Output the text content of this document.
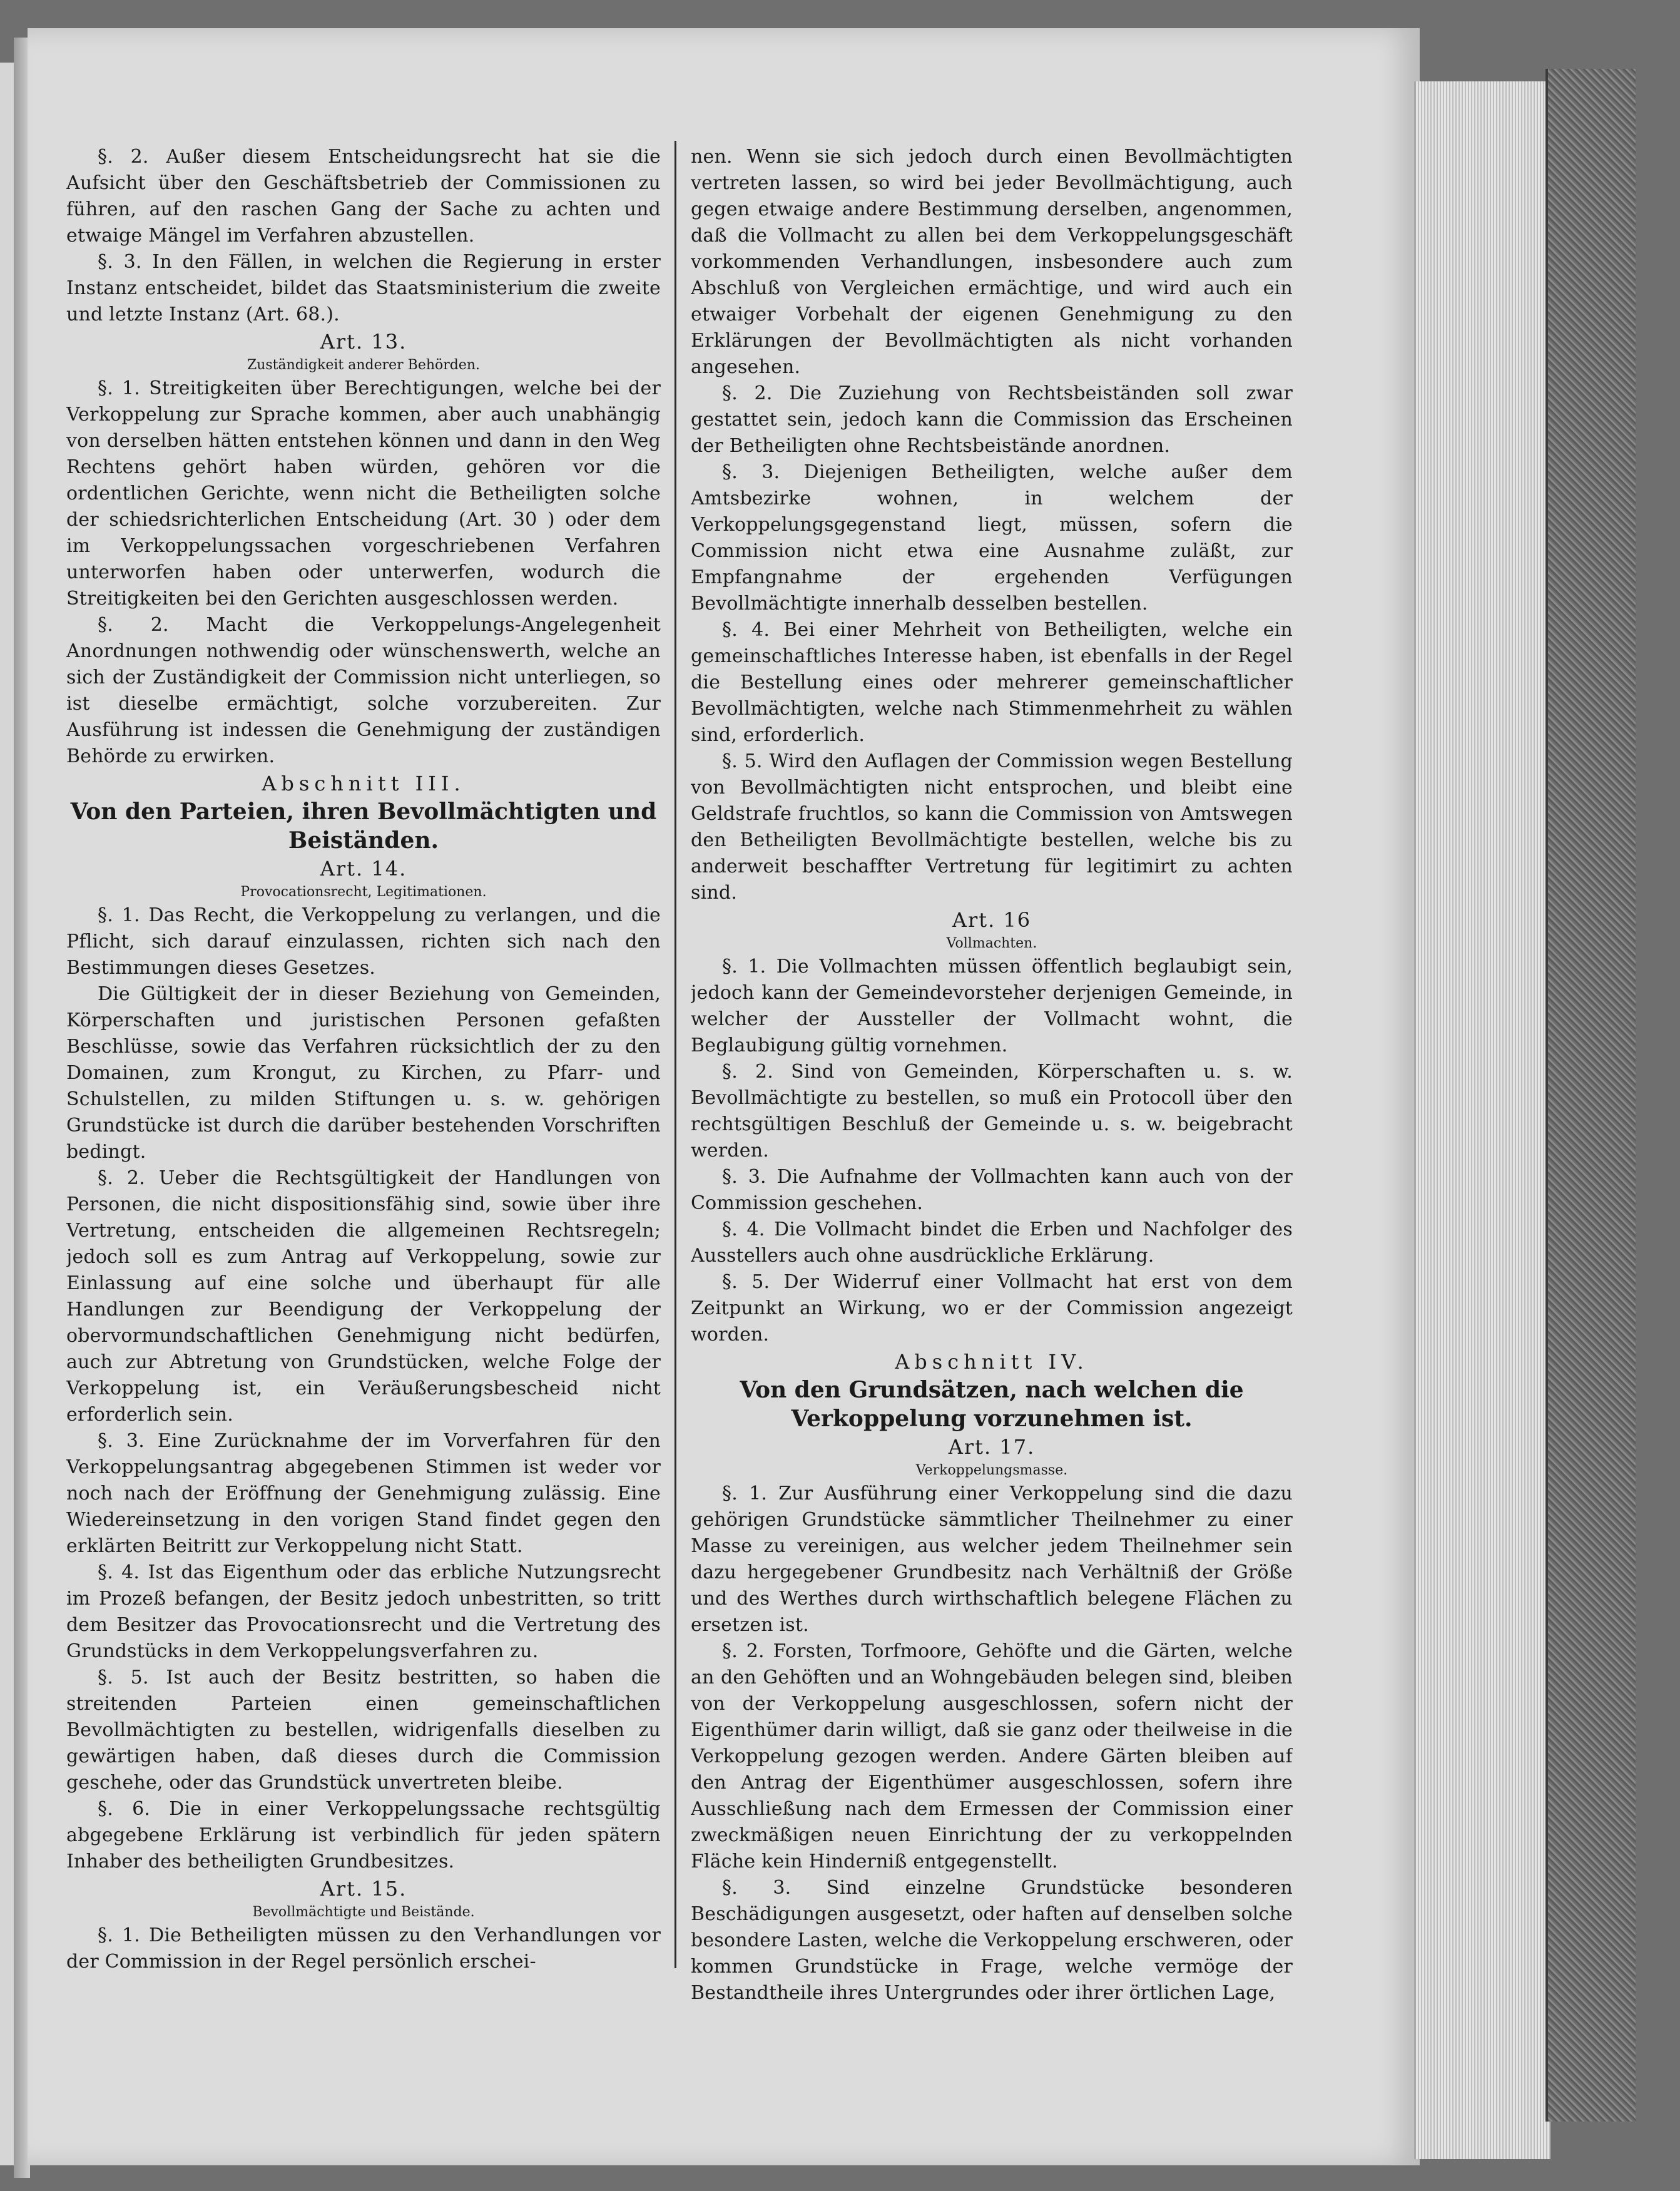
§. 2. Außer diesem Entscheidungsrecht hat sie die Aufsicht über den Geschäftsbetrieb der Commissionen zu führen, auf den raschen Gang der Sache zu achten und etwaige Mängel im Verfahren abzustellen.

§. 3. In den Fällen, in welchen die Regierung in erster Instanz entscheidet, bildet das Staatsministerium die zweite und letzte Instanz (Art. 68.).

Art. 13.

Zuständigkeit anderer Behörden.

§. 1. Streitigkeiten über Berechtigungen, welche bei der Verkoppelung zur Sprache kommen, aber auch unabhängig von derselben hätten entstehen können und dann in den Weg Rechtens gehört haben würden, gehören vor die ordentlichen Gerichte, wenn nicht die Betheiligten solche der schiedsrichterlichen Entscheidung (Art. 30 ) oder dem im Verkoppelungssachen vorgeschriebenen Verfahren unterworfen haben oder unterwerfen, wodurch die Streitigkeiten bei den Gerichten ausgeschlossen werden.

§. 2. Macht die Verkoppelungs-Angelegenheit Anordnungen nothwendig oder wünschenswerth, welche an sich der Zuständigkeit der Commission nicht unterliegen, so ist dieselbe ermächtigt, solche vorzubereiten. Zur Ausführung ist indessen die Genehmigung der zuständigen Behörde zu erwirken.

Abschnitt III.

Von den Parteien, ihren Bevollmächtigten und Beiständen.

Art. 14.

Provocationsrecht, Legitimationen.

§. 1. Das Recht, die Verkoppelung zu verlangen, und die Pflicht, sich darauf einzulassen, richten sich nach den Bestimmungen dieses Gesetzes.

Die Gültigkeit der in dieser Beziehung von Gemeinden, Körperschaften und juristischen Personen gefaßten Beschlüsse, sowie das Verfahren rücksichtlich der zu den Domainen, zum Krongut, zu Kirchen, zu Pfarr- und Schulstellen, zu milden Stiftungen u. s. w. gehörigen Grundstücke ist durch die darüber bestehenden Vorschriften bedingt.

§. 2. Ueber die Rechtsgültigkeit der Handlungen von Personen, die nicht dispositionsfähig sind, sowie über ihre Vertretung, entscheiden die allgemeinen Rechtsregeln; jedoch soll es zum Antrag auf Verkoppelung, sowie zur Einlassung auf eine solche und überhaupt für alle Handlungen zur Beendigung der Verkoppelung der obervormundschaftlichen Genehmigung nicht bedürfen, auch zur Abtretung von Grundstücken, welche Folge der Verkoppelung ist, ein Veräußerungsbescheid nicht erforderlich sein.

§. 3. Eine Zurücknahme der im Vorverfahren für den Verkoppelungsantrag abgegebenen Stimmen ist weder vor noch nach der Eröffnung der Genehmigung zulässig. Eine Wiedereinsetzung in den vorigen Stand findet gegen den erklärten Beitritt zur Verkoppelung nicht Statt.

§. 4. Ist das Eigenthum oder das erbliche Nutzungsrecht im Prozeß befangen, der Besitz jedoch unbestritten, so tritt dem Besitzer das Provocationsrecht und die Vertretung des Grundstücks in dem Verkoppelungsverfahren zu.

§. 5. Ist auch der Besitz bestritten, so haben die streitenden Parteien einen gemeinschaftlichen Bevollmächtigten zu bestellen, widrigenfalls dieselben zu gewärtigen haben, daß dieses durch die Commission geschehe, oder das Grundstück unvertreten bleibe.

§. 6. Die in einer Verkoppelungssache rechtsgültig abgegebene Erklärung ist verbindlich für jeden spätern Inhaber des betheiligten Grundbesitzes.

Art. 15.

Bevollmächtigte und Beistände.

§. 1. Die Betheiligten müssen zu den Verhandlungen vor der Commission in der Regel persönlich erschei-

nen. Wenn sie sich jedoch durch einen Bevollmächtigten vertreten lassen, so wird bei jeder Bevollmächtigung, auch gegen etwaige andere Bestimmung derselben, angenommen, daß die Vollmacht zu allen bei dem Verkoppelungsgeschäft vorkommenden Verhandlungen, insbesondere auch zum Abschluß von Vergleichen ermächtige, und wird auch ein etwaiger Vorbehalt der eigenen Genehmigung zu den Erklärungen der Bevollmächtigten als nicht vorhanden angesehen.

§. 2. Die Zuziehung von Rechtsbeiständen soll zwar gestattet sein, jedoch kann die Commission das Erscheinen der Betheiligten ohne Rechtsbeistände anordnen.

§. 3. Diejenigen Betheiligten, welche außer dem Amtsbezirke wohnen, in welchem der Verkoppelungsgegenstand liegt, müssen, sofern die Commission nicht etwa eine Ausnahme zuläßt, zur Empfangnahme der ergehenden Verfügungen Bevollmächtigte innerhalb desselben bestellen.

§. 4. Bei einer Mehrheit von Betheiligten, welche ein gemeinschaftliches Interesse haben, ist ebenfalls in der Regel die Bestellung eines oder mehrerer gemeinschaftlicher Bevollmächtigten, welche nach Stimmenmehrheit zu wählen sind, erforderlich.

§. 5. Wird den Auflagen der Commission wegen Bestellung von Bevollmächtigten nicht entsprochen, und bleibt eine Geldstrafe fruchtlos, so kann die Commission von Amtswegen den Betheiligten Bevollmächtigte bestellen, welche bis zu anderweit beschaffter Vertretung für legitimirt zu achten sind.

Art. 16

Vollmachten.

§. 1. Die Vollmachten müssen öffentlich beglaubigt sein, jedoch kann der Gemeindevorsteher derjenigen Gemeinde, in welcher der Aussteller der Vollmacht wohnt, die Beglaubigung gültig vornehmen.

§. 2. Sind von Gemeinden, Körperschaften u. s. w. Bevollmächtigte zu bestellen, so muß ein Protocoll über den rechtsgültigen Beschluß der Gemeinde u. s. w. beigebracht werden.

§. 3. Die Aufnahme der Vollmachten kann auch von der Commission geschehen.

§. 4. Die Vollmacht bindet die Erben und Nachfolger des Ausstellers auch ohne ausdrückliche Erklärung.

§. 5. Der Widerruf einer Vollmacht hat erst von dem Zeitpunkt an Wirkung, wo er der Commission angezeigt worden.

Abschnitt IV.

Von den Grundsätzen, nach welchen die Verkoppelung vorzunehmen ist.

Art. 17.

Verkoppelungsmasse.

§. 1. Zur Ausführung einer Verkoppelung sind die dazu gehörigen Grundstücke sämmtlicher Theilnehmer zu einer Masse zu vereinigen, aus welcher jedem Theilnehmer sein dazu hergegebener Grundbesitz nach Verhältniß der Größe und des Werthes durch wirthschaftlich belegene Flächen zu ersetzen ist.

§. 2. Forsten, Torfmoore, Gehöfte und die Gärten, welche an den Gehöften und an Wohngebäuden belegen sind, bleiben von der Verkoppelung ausgeschlossen, sofern nicht der Eigenthümer darin willigt, daß sie ganz oder theilweise in die Verkoppelung gezogen werden. Andere Gärten bleiben auf den Antrag der Eigenthümer ausgeschlossen, sofern ihre Ausschließung nach dem Ermessen der Commission einer zweckmäßigen neuen Einrichtung der zu verkoppelnden Fläche kein Hinderniß entgegenstellt.

§. 3. Sind einzelne Grundstücke besonderen Beschädigungen ausgesetzt, oder haften auf denselben solche besondere Lasten, welche die Verkoppelung erschweren, oder kommen Grundstücke in Frage, welche vermöge der Bestandtheile ihres Untergrundes oder ihrer örtlichen Lage,
